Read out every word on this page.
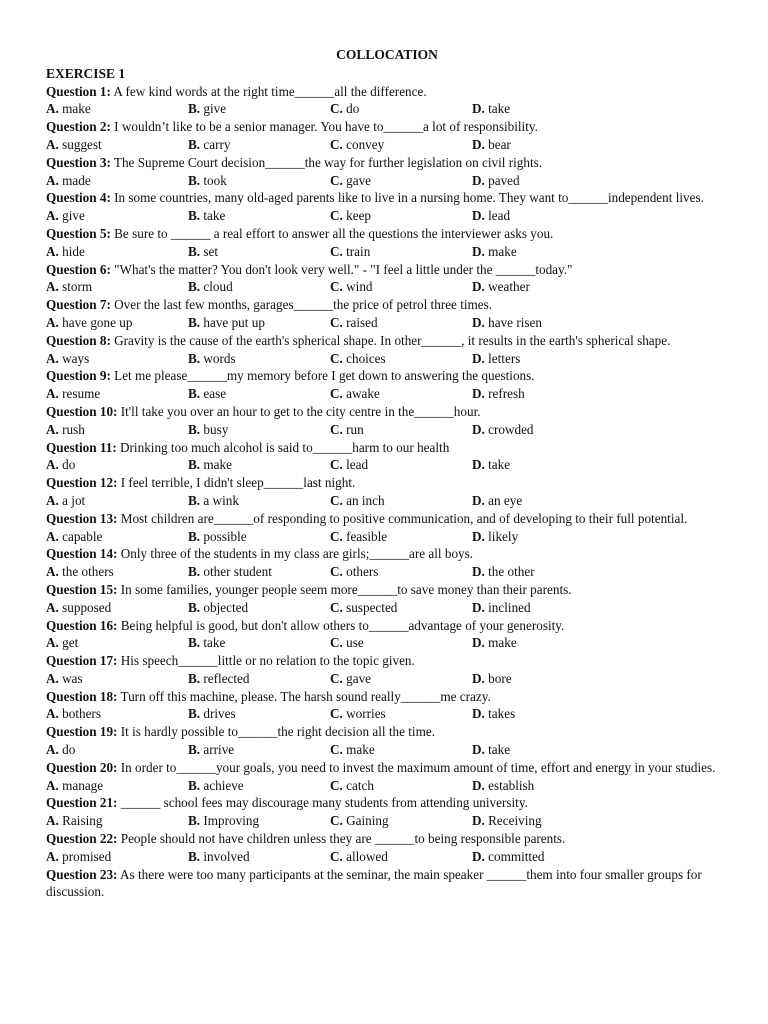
COLLOCATION
EXERCISE 1
Question 1: A few kind words at the right time______all the difference.
A. make	B. give	C. do	D. take
Question 2: I wouldn’t like to be a senior manager. You have to______a lot of responsibility.
A. suggest	B. carry	C. convey	D. bear
Question 3: The Supreme Court decision______the way for further legislation on civil rights.
A. made	B. took	C. gave	D. paved
Question 4: In some countries, many old-aged parents like to live in a nursing home. They want to______independent lives.
A. give	B. take	C. keep	D. lead
Question 5: Be sure to ______ a real effort to answer all the questions the interviewer asks you.
A. hide	B. set	C. train	D. make
Question 6: "What's the matter? You don't look very well." - "I feel a little under the ______today."
A. storm	B. cloud	C. wind	D. weather
Question 7: Over the last few months, garages______the price of petrol three times.
A. have gone up	B. have put up	C. raised	D. have risen
Question 8: Gravity is the cause of the earth's spherical shape. In other______, it results in the earth's spherical shape.
A. ways	B. words	C. choices	D. letters
Question 9: Let me please______my memory before I get down to answering the questions.
A. resume	B. ease	C. awake	D. refresh
Question 10: It'll take you over an hour to get to the city centre in the______hour.
A. rush	B. busy	C. run	D. crowded
Question 11: Drinking too much alcohol is said to______harm to our health
A. do	B. make	C. lead	D. take
Question 12: I feel terrible, I didn't sleep______last night.
A. a jot	B. a wink	C. an inch	D. an eye
Question 13: Most children are______of responding to positive communication, and of developing to their full potential.
A. capable	B. possible	C. feasible	D. likely
Question 14: Only three of the students in my class are girls;______are all boys.
A. the others	B. other student	C. others	D. the other
Question 15: In some families, younger people seem more______to save money than their parents.
A. supposed	B. objected	C. suspected	D. inclined
Question 16: Being helpful is good, but don't allow others to______advantage of your generosity.
A. get	B. take	C. use	D. make
Question 17: His speech______little or no relation to the topic given.
A. was	B. reflected	C. gave	D. bore
Question 18: Turn off this machine, please. The harsh sound really______me crazy.
A. bothers	B. drives	C. worries	D. takes
Question 19: It is hardly possible to______the right decision all the time.
A. do	B. arrive	C. make	D. take
Question 20: In order to______your goals, you need to invest the maximum amount of time, effort and energy in your studies.
A. manage	B. achieve	C. catch	D. establish
Question 21: ______ school fees may discourage many students from attending university.
A. Raising	B. Improving	C. Gaining	D. Receiving
Question 22: People should not have children unless they are ______to being responsible parents.
A. promised	B. involved	C. allowed	D. committed
Question 23: As there were too many participants at the seminar, the main speaker ______them into four smaller groups for discussion.
